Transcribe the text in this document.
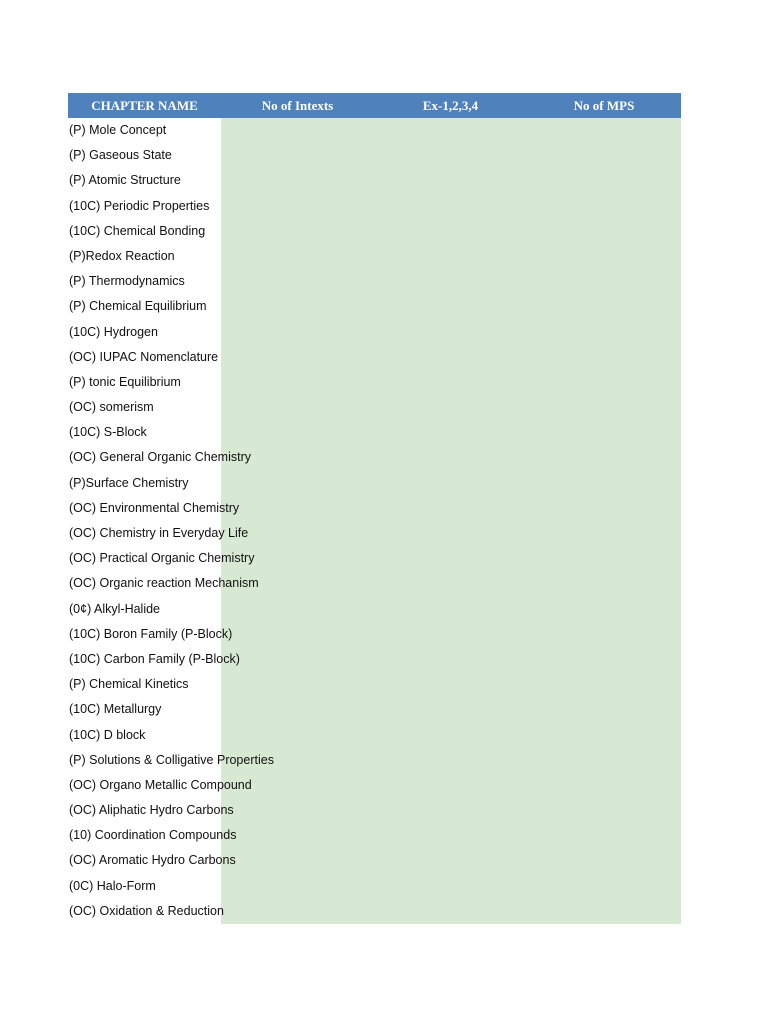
CHAPTER NAME	No of Intexts	Ex-1,2,3,4	No of MPS
(P) Mole Concept
(P) Gaseous State
(P) Atomic Structure
(10C) Periodic Properties
(10C) Chemical Bonding
(P)Redox Reaction
(P) Thermodynamics
(P) Chemical Equilibrium
(10C) Hydrogen
(OC) IUPAC Nomenclature
(P) tonic Equilibrium
(OC) somerism
(10C) S-Block
(OC) General Organic Chemistry
(P)Surface Chemistry
(OC) Environmental Chemistry
(OC) Chemistry in Everyday Life
(OC) Practical Organic Chemistry
(OC) Organic reaction Mechanism
(0¢) Alkyl-Halide
(10C) Boron Family (P-Block)
(10C) Carbon Family (P-Block)
(P) Chemical Kinetics
(10C) Metallurgy
(10C) D block
(P) Solutions & Colligative Properties
(OC) Organo Metallic Compound
(OC) Aliphatic Hydro Carbons
(10) Coordination Compounds
(OC) Aromatic Hydro Carbons
(0C) Halo-Form
(OC) Oxidation & Reduction
